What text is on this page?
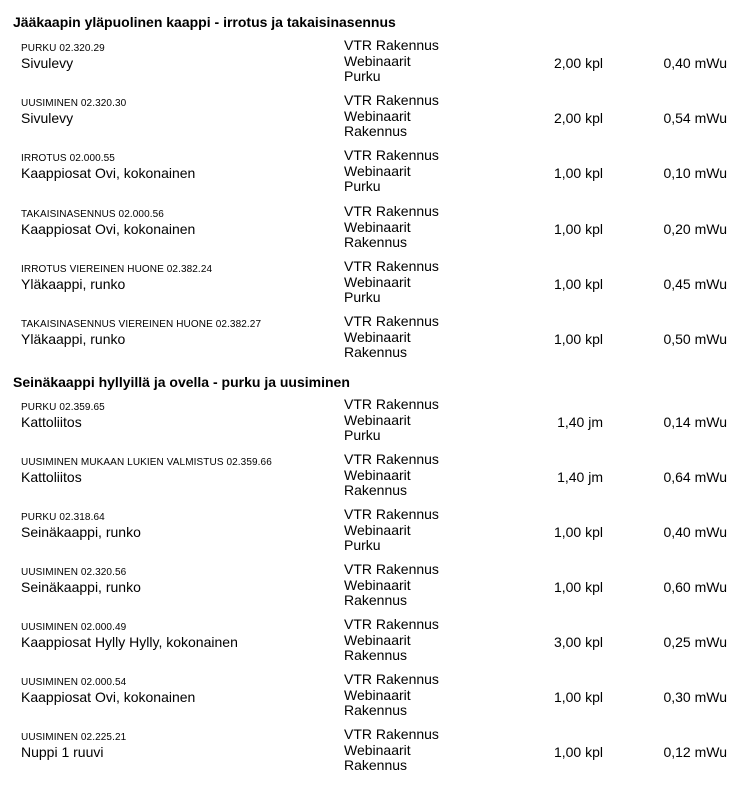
Jääkaapin yläpuolinen kaappi - irrotus ja takaisinasennus
PURKU 02.320.29
Sivulevy
VTR Rakennus
Webinaarit
Purku
2,00 kpl	0,40 mWu
UUSIMINEN 02.320.30
Sivulevy
VTR Rakennus
Webinaarit
Rakennus
2,00 kpl	0,54 mWu
IRROTUS 02.000.55
Kaappiosat Ovi, kokonainen
VTR Rakennus
Webinaarit
Purku
1,00 kpl	0,10 mWu
TAKAISINASENNUS 02.000.56
Kaappiosat Ovi, kokonainen
VTR Rakennus
Webinaarit
Rakennus
1,00 kpl	0,20 mWu
IRROTUS VIEREINEN HUONE 02.382.24
Yläkaappi, runko
VTR Rakennus
Webinaarit
Purku
1,00 kpl	0,45 mWu
TAKAISINASENNUS VIEREINEN HUONE 02.382.27
Yläkaappi, runko
VTR Rakennus
Webinaarit
Rakennus
1,00 kpl	0,50 mWu
Seinäkaappi hyllyillä ja ovella - purku ja uusiminen
PURKU 02.359.65
Kattoliitos
VTR Rakennus
Webinaarit
Purku
1,40 jm	0,14 mWu
UUSIMINEN MUKAAN LUKIEN VALMISTUS 02.359.66
Kattoliitos
VTR Rakennus
Webinaarit
Rakennus
1,40 jm	0,64 mWu
PURKU 02.318.64
Seinäkaappi, runko
VTR Rakennus
Webinaarit
Purku
1,00 kpl	0,40 mWu
UUSIMINEN 02.320.56
Seinäkaappi, runko
VTR Rakennus
Webinaarit
Rakennus
1,00 kpl	0,60 mWu
UUSIMINEN 02.000.49
Kaappiosat Hylly Hylly, kokonainen
VTR Rakennus
Webinaarit
Rakennus
3,00 kpl	0,25 mWu
UUSIMINEN 02.000.54
Kaappiosat Ovi, kokonainen
VTR Rakennus
Webinaarit
Rakennus
1,00 kpl	0,30 mWu
UUSIMINEN 02.225.21
Nuppi 1 ruuvi
VTR Rakennus
Webinaarit
Rakennus
1,00 kpl	0,12 mWu
